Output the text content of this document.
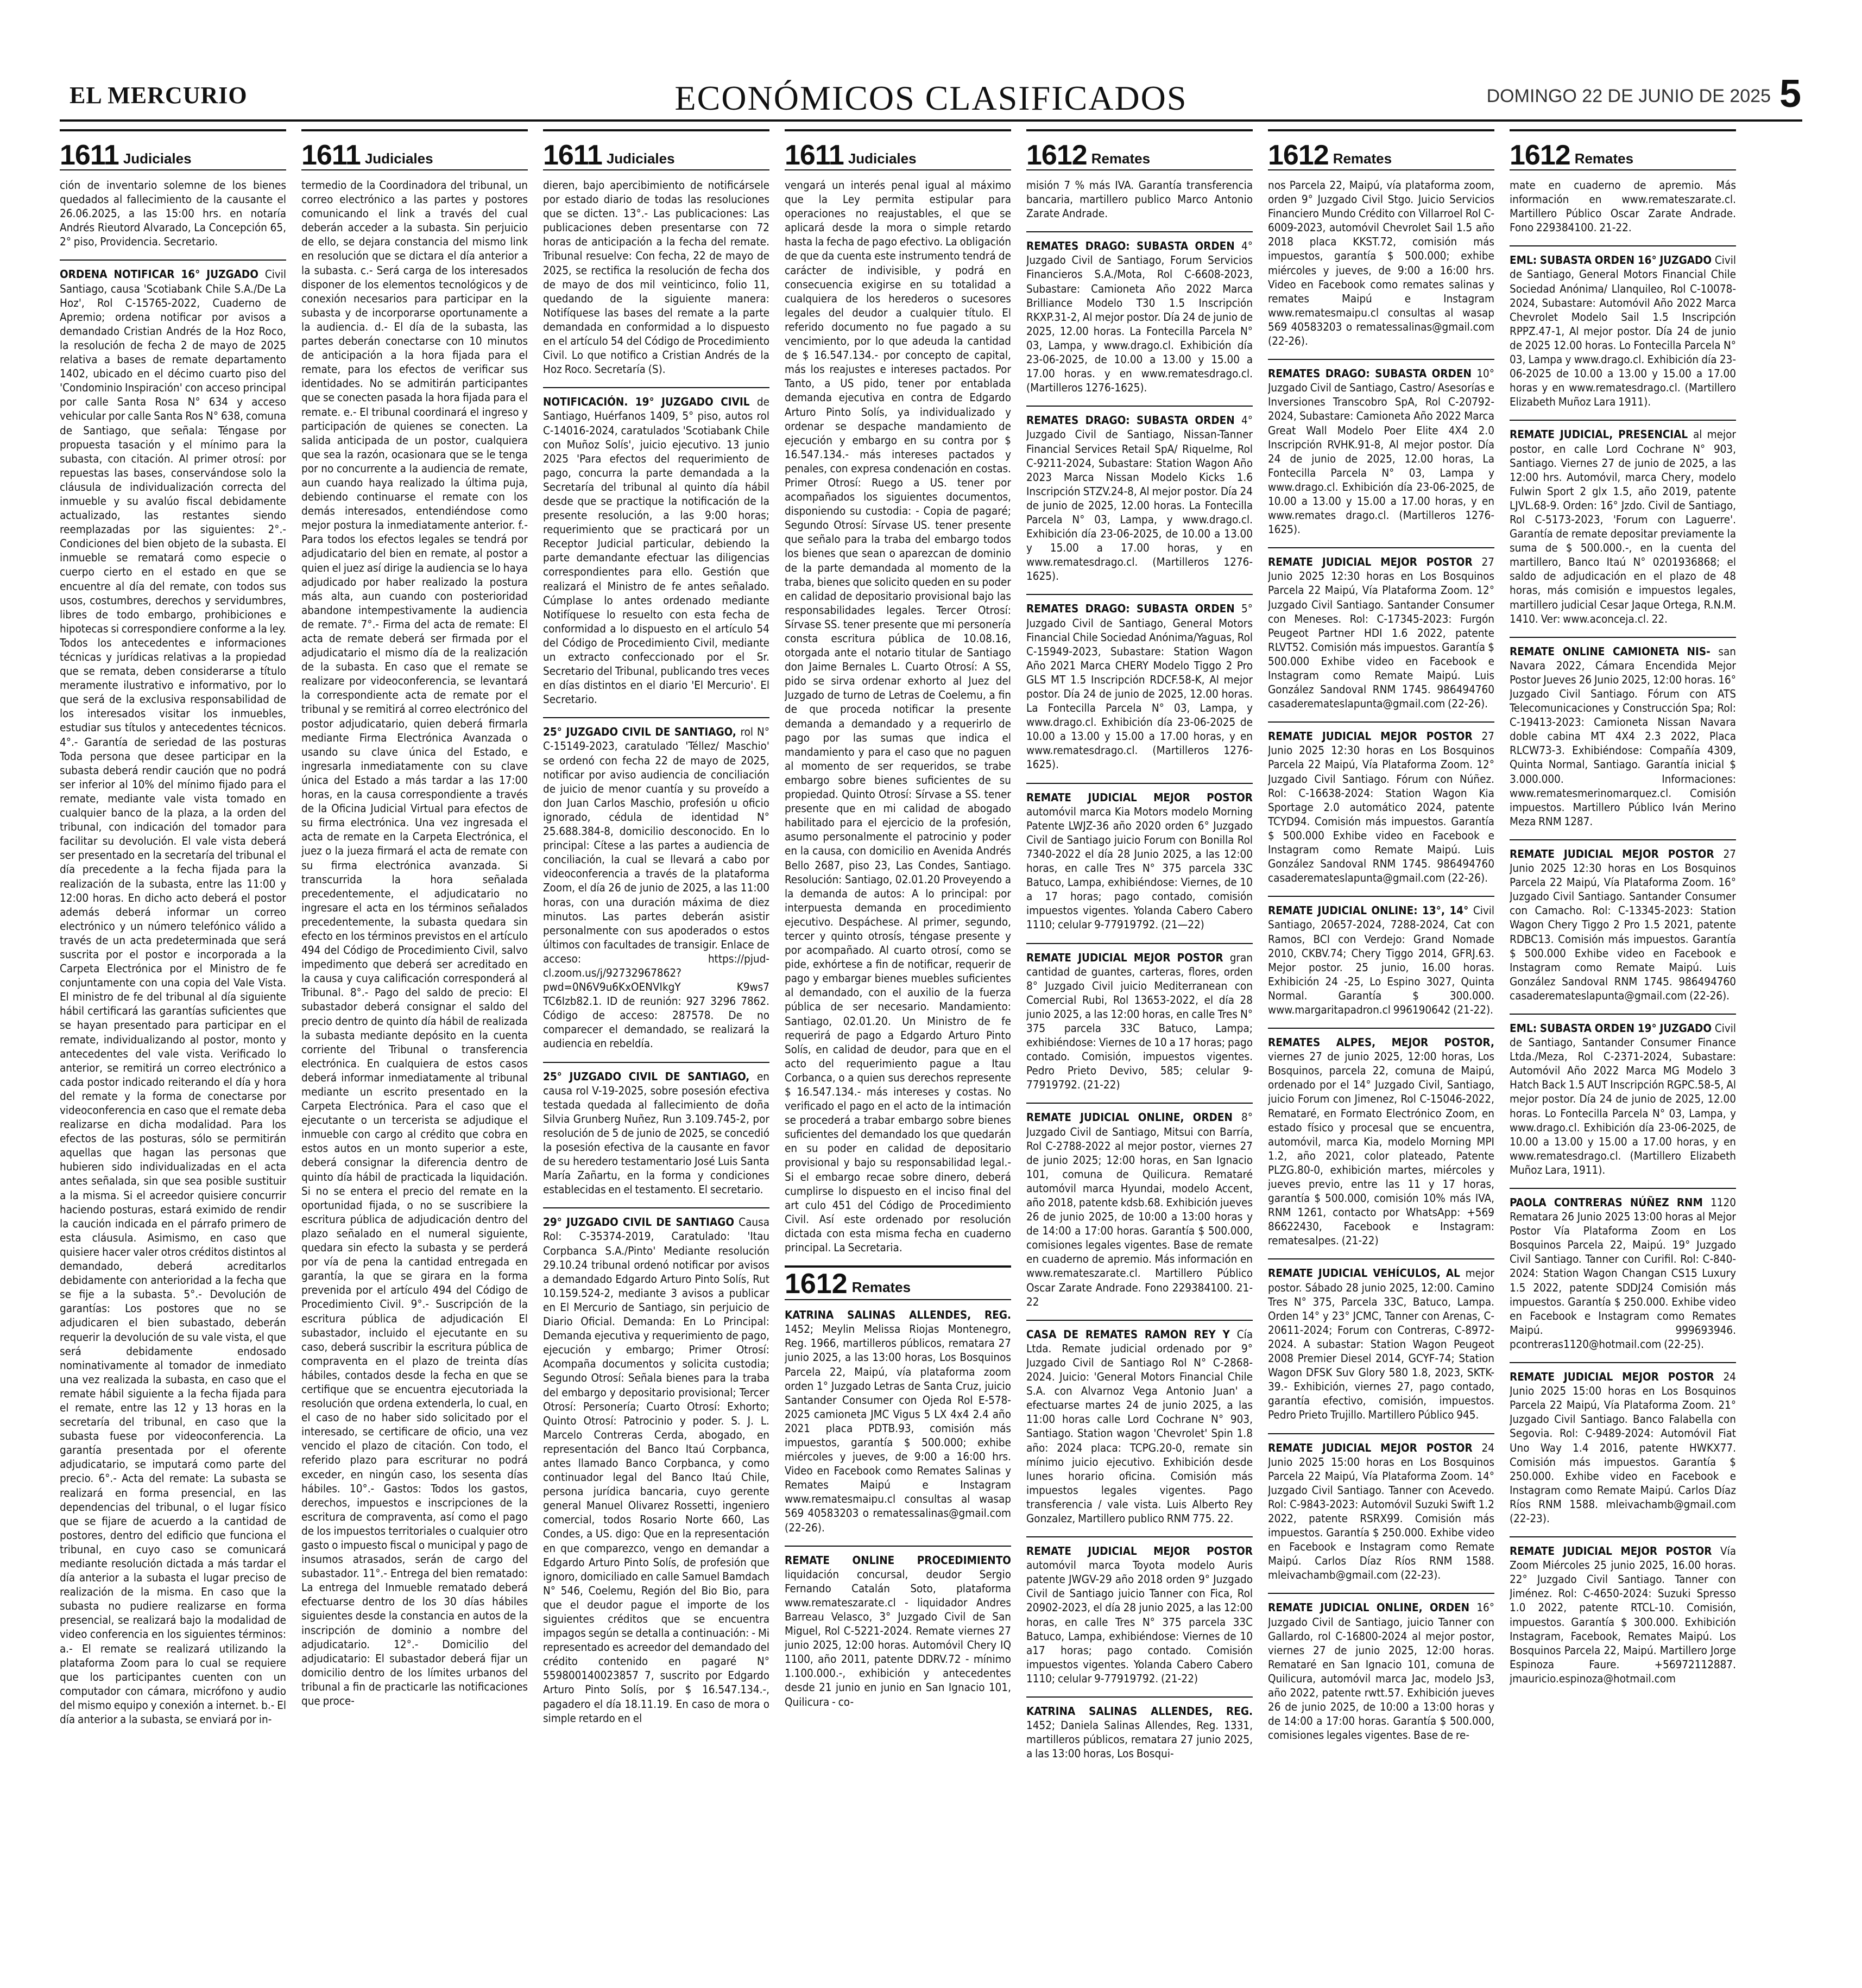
EL MERCURIO	ECONÓMICOS CLASIFICADOS	DOMINGO 22 DE JUNIO DE 2025 5
1611 Judiciales

ción de inventario solemne de los bienes quedados al fallecimiento de la causante el 26.06.2025, a las 15:00 hrs. en notaría Andrés Rieutord Alvarado, La Concepción 65, 2° piso, Providencia. Secretario.

ORDENA NOTIFICAR 16° JUZGADO Civil Santiago, causa 'Scotiabank Chile S.A./De La Hoz', Rol C-15765-2022, Cuaderno de Apremio; ordena notificar por avisos a demandado Cristian Andrés de la Hoz Roco, la resolución de fecha 2 de mayo de 2025 relativa a bases de remate departamento 1402, ubicado en el décimo cuarto piso del 'Condominio Inspiración' con acceso principal por calle Santa Rosa N° 634 y acceso vehicular por calle Santa Ros N° 638, comuna de Santiago, que señala: Téngase por propuesta tasación y el mínimo para la subasta, con citación. Al primer otrosí: por repuestas las bases, conservándose solo la cláusula de individualización correcta del inmueble y su avalúo fiscal debidamente actualizado, las restantes siendo reemplazadas por las siguientes: 2°.- Condiciones del bien objeto de la subasta. El inmueble se rematará como especie o cuerpo cierto en el estado en que se encuentre al día del remate, con todos sus usos, costumbres, derechos y servidumbres, libres de todo embargo, prohibiciones e hipotecas si correspondiere conforme a la ley. Todos los antecedentes e informaciones técnicas y jurídicas relativas a la propiedad que se remata, deben considerarse a título meramente ilustrativo e informativo, por lo que será de la exclusiva responsabilidad de los interesados visitar los inmuebles, estudiar sus títulos y antecedentes técnicos. 4°.- Garantía de seriedad de las posturas Toda persona que desee participar en la subasta deberá rendir caución que no podrá ser inferior al 10% del mínimo fijado para el remate, mediante vale vista tomado en cualquier banco de la plaza, a la orden del tribunal, con indicación del tomador para facilitar su devolución. El vale vista deberá ser presentado en la secretaría del tribunal el día precedente a la fecha fijada para la realización de la subasta, entre las 11:00 y 12:00 horas. En dicho acto deberá el postor además deberá informar un correo electrónico y un número telefónico válido a través de un acta predeterminada que será suscrita por el postor e incorporada a la Carpeta Electrónica por el Ministro de fe conjuntamente con una copia del Vale Vista. El ministro de fe del tribunal al día siguiente hábil certificará las garantías suficientes que se hayan presentado para participar en el remate, individualizando al postor, monto y antecedentes del vale vista. Verificado lo anterior, se remitirá un correo electrónico a cada postor indicado reiterando el día y hora del remate y la forma de conectarse por videoconferencia en caso que el remate deba realizarse en dicha modalidad. Para los efectos de las posturas, sólo se permitirán aquellas que hagan las personas que hubieren sido individualizadas en el acta antes señalada, sin que sea posible sustituir a la misma. Si el acreedor quisiere concurrir haciendo posturas, estará eximido de rendir la caución indicada en el párrafo primero de esta cláusula. Asimismo, en caso que quisiere hacer valer otros créditos distintos al demandado, deberá acreditarlos debidamente con anterioridad a la fecha que se fije a la subasta. 5°.- Devolución de garantías: Los postores que no se adjudicaren el bien subastado, deberán requerir la devolución de su vale vista, el que será debidamente endosado nominativamente al tomador de inmediato una vez realizada la subasta, en caso que el remate hábil siguiente a la fecha fijada para el remate, entre las 12 y 13 horas en la secretaría del tribunal, en caso que la subasta fuese por videoconferencia. La garantía presentada por el oferente adjudicatario, se imputará como parte del precio. 6°.- Acta del remate: La subasta se realizará en forma presencial, en las dependencias del tribunal, o el lugar físico que se fijare de acuerdo a la cantidad de postores, dentro del edificio que funciona el tribunal, en cuyo caso se comunicará mediante resolución dictada a más tardar el día anterior a la subasta el lugar preciso de realización de la misma. En caso que la subasta no pudiere realizarse en forma presencial, se realizará bajo la modalidad de video conferencia en los siguientes términos: a.- El remate se realizará utilizando la plataforma Zoom para lo cual se requiere que los participantes cuenten con un computador con cámara, micrófono y audio del mismo equipo y conexión a internet. b.- El día anterior a la subasta, se enviará por in-

1611 Judiciales

termedio de la Coordinadora del tribunal, un correo electrónico a las partes y postores comunicando el link a través del cual deberán acceder a la subasta. Sin perjuicio de ello, se dejara constancia del mismo link en resolución que se dictara el día anterior a la subasta. c.- Será carga de los interesados disponer de los elementos tecnológicos y de conexión necesarios para participar en la subasta y de incorporarse oportunamente a la audiencia. d.- El día de la subasta, las partes deberán conectarse con 10 minutos de anticipación a la hora fijada para el remate, para los efectos de verificar sus identidades. No se admitirán participantes que se conecten pasada la hora fijada para el remate. e.- El tribunal coordinará el ingreso y participación de quienes se conecten. La salida anticipada de un postor, cualquiera que sea la razón, ocasionara que se le tenga por no concurrente a la audiencia de remate, aun cuando haya realizado la última puja, debiendo continuarse el remate con los demás interesados, entendiéndose como mejor postura la inmediatamente anterior. f.- Para todos los efectos legales se tendrá por adjudicatario del bien en remate, al postor a quien el juez así dirige la audiencia se lo haya adjudicado por haber realizado la postura más alta, aun cuando con posterioridad abandone intempestivamente la audiencia de remate. 7°.- Firma del acta de remate: El acta de remate deberá ser firmada por el adjudicatario el mismo día de la realización de la subasta. En caso que el remate se realizare por videoconferencia, se levantará la correspondiente acta de remate por el tribunal y se remitirá al correo electrónico del postor adjudicatario, quien deberá firmarla mediante Firma Electrónica Avanzada o usando su clave única del Estado, e ingresarla inmediatamente con su clave única del Estado a más tardar a las 17:00 horas, en la causa correspondiente a través de la Oficina Judicial Virtual para efectos de su firma electrónica. Una vez ingresada el acta de remate en la Carpeta Electrónica, el juez o la jueza firmará el acta de remate con su firma electrónica avanzada. Si transcurrida la hora señalada precedentemente, el adjudicatario no ingresare el acta en los términos señalados precedentemente, la subasta quedara sin efecto en los términos previstos en el artículo 494 del Código de Procedimiento Civil, salvo impedimento que deberá ser acreditado en la causa y cuya calificación corresponderá al Tribunal. 8°.- Pago del saldo de precio: El subastador deberá consignar el saldo del precio dentro de quinto día hábil de realizada la subasta mediante depósito en la cuenta corriente del Tribunal o transferencia electrónica. En cualquiera de estos casos deberá informar inmediatamente al tribunal mediante un escrito presentado en la Carpeta Electrónica. Para el caso que el ejecutante o un tercerista se adjudique el inmueble con cargo al crédito que cobra en estos autos en un monto superior a este, deberá consignar la diferencia dentro de quinto día hábil de practicada la liquidación. Si no se entera el precio del remate en la oportunidad fijada, o no se suscribiere la escritura pública de adjudicación dentro del plazo señalado en el numeral siguiente, quedara sin efecto la subasta y se perderá por vía de pena la cantidad entregada en garantía, la que se girara en la forma prevenida por el artículo 494 del Código de Procedimiento Civil. 9°.- Suscripción de la escritura pública de adjudicación El subastador, incluido el ejecutante en su caso, deberá suscribir la escritura pública de compraventa en el plazo de treinta días hábiles, contados desde la fecha en que se certifique que se encuentra ejecutoriada la resolución que ordena extenderla, lo cual, en el caso de no haber sido solicitado por el interesado, se certificare de oficio, una vez vencido el plazo de citación. Con todo, el referido plazo para escriturar no podrá exceder, en ningún caso, los sesenta días hábiles. 10°.- Gastos: Todos los gastos, derechos, impuestos e inscripciones de la escritura de compraventa, así como el pago de los impuestos territoriales o cualquier otro gasto o impuesto fiscal o municipal y pago de insumos atrasados, serán de cargo del subastador. 11°.- Entrega del bien rematado: La entrega del Inmueble rematado deberá efectuarse dentro de los 30 días hábiles siguientes desde la constancia en autos de la inscripción de dominio a nombre del adjudicatario. 12°.- Domicilio del adjudicatario: El subastador deberá fijar un domicilio dentro de los límites urbanos del tribunal a fin de practicarle las notificaciones que proce-

1611 Judiciales

dieren, bajo apercibimiento de notificársele por estado diario de todas las resoluciones que se dicten. 13°.- Las publicaciones: Las publicaciones deben presentarse con 72 horas de anticipación a la fecha del remate. Tribunal resuelve: Con fecha, 22 de mayo de 2025, se rectifica la resolución de fecha dos de mayo de dos mil veinticinco, folio 11, quedando de la siguiente manera: Notifíquese las bases del remate a la parte demandada en conformidad a lo dispuesto en el artículo 54 del Código de Procedimiento Civil. Lo que notifico a Cristian Andrés de la Hoz Roco. Secretaría (S).

NOTIFICACIÓN. 19° JUZGADO CIVIL de Santiago, Huérfanos 1409, 5° piso, autos rol C-14016-2024, caratulados 'Scotiabank Chile con Muñoz Solís', juicio ejecutivo. 13 junio 2025 'Para efectos del requerimiento de pago, concurra la parte demandada a la Secretaría del tribunal al quinto día hábil desde que se practique la notificación de la presente resolución, a las 9:00 horas; requerimiento que se practicará por un Receptor Judicial particular, debiendo la parte demandante efectuar las diligencias correspondientes para ello. Gestión que realizará el Ministro de fe antes señalado. Cúmplase lo antes ordenado mediante Notifíquese lo resuelto con esta fecha de conformidad a lo dispuesto en el artículo 54 del Código de Procedimiento Civil, mediante un extracto confeccionado por el Sr. Secretario del Tribunal, publicando tres veces en días distintos en el diario 'El Mercurio'. El Secretario.

25° JUZGADO CIVIL DE SANTIAGO, rol N° C-15149-2023, caratulado 'Téllez/ Maschio' se ordenó con fecha 22 de mayo de 2025, notificar por aviso audiencia de conciliación de juicio de menor cuantía y su proveído a don Juan Carlos Maschio, profesión u oficio ignorado, cédula de identidad N° 25.688.384-8, domicilio desconocido. En lo principal: Cítese a las partes a audiencia de conciliación, la cual se llevará a cabo por videoconferencia a través de la plataforma Zoom, el día 26 de junio de 2025, a las 11:00 horas, con una duración máxima de diez minutos. Las partes deberán asistir personalmente con sus apoderados o estos últimos con facultades de transigir. Enlace de acceso: https://pjud-cl.zoom.us/j/92732967862?pwd=0N6V9u6KxOENVIkgY K9ws7 TC6Izb82.1. ID de reunión: 927 3296 7862. Código de acceso: 287578. De no comparecer el demandado, se realizará la audiencia en rebeldía.

25° JUZGADO CIVIL DE SANTIAGO, en causa rol V-19-2025, sobre posesión efectiva testada quedada al fallecimiento de doña Silvia Grunberg Nuñez, Run 3.109.745-2, por resolución de 5 de junio de 2025, se concedió la posesión efectiva de la causante en favor de su heredero testamentario José Luis Santa María Zañartu, en la forma y condiciones establecidas en el testamento. El secretario.

29° JUZGADO CIVIL DE SANTIAGO Causa Rol: C-35374-2019, Caratulado: 'Itau Corpbanca S.A./Pinto' Mediante resolución 29.10.24 tribunal ordenó notificar por avisos a demandado Edgardo Arturo Pinto Solís, Rut 10.159.524-2, mediante 3 avisos a publicar en El Mercurio de Santiago, sin perjuicio de Diario Oficial. Demanda: En Lo Principal: Demanda ejecutiva y requerimiento de pago, ejecución y embargo; Primer Otrosí: Acompaña documentos y solicita custodia; Segundo Otrosí: Señala bienes para la traba del embargo y depositario provisional; Tercer Otrosí: Personería; Cuarto Otrosí: Exhorto; Quinto Otrosí: Patrocinio y poder. S. J. L. Marcelo Contreras Cerda, abogado, en representación del Banco Itaú Corpbanca, antes llamado Banco Corpbanca, y como continuador legal del Banco Itaú Chile, persona jurídica bancaria, cuyo gerente general Manuel Olivarez Rossetti, ingeniero comercial, todos Rosario Norte 660, Las Condes, a US. digo: Que en la representación en que comparezco, vengo en demandar a Edgardo Arturo Pinto Solís, de profesión que ignoro, domiciliado en calle Samuel Bamdach N° 546, Coelemu, Región del Bio Bio, para que el deudor pague el importe de los siguientes créditos que se encuentra impagos según se detalla a continuación: - Mi representado es acreedor del demandado del crédito contenido en pagaré N° 559800140023857 7, suscrito por Edgardo Arturo Pinto Solís, por $ 16.547.134.-, pagadero el día 18.11.19. En caso de mora o simple retardo en el

1611 Judiciales

vengará un interés penal igual al máximo que la Ley permita estipular para operaciones no reajustables, el que se aplicará desde la mora o simple retardo hasta la fecha de pago efectivo. La obligación de que da cuenta este instrumento tendrá de carácter de indivisible, y podrá en consecuencia exigirse en su totalidad a cualquiera de los herederos o sucesores legales del deudor a cualquier título. El referido documento no fue pagado a su vencimiento, por lo que adeuda la cantidad de $ 16.547.134.- por concepto de capital, más los reajustes e intereses pactados. Por Tanto, a US pido, tener por entablada demanda ejecutiva en contra de Edgardo Arturo Pinto Solís, ya individualizado y ordenar se despache mandamiento de ejecución y embargo en su contra por $ 16.547.134.- más intereses pactados y penales, con expresa condenación en costas. Primer Otrosí: Ruego a US. tener por acompañados los siguientes documentos, disponiendo su custodia: - Copia de pagaré; Segundo Otrosí: Sírvase US. tener presente que señalo para la traba del embargo todos los bienes que sean o aparezcan de dominio de la parte demandada al momento de la traba, bienes que solicito queden en su poder en calidad de depositario provisional bajo las responsabilidades legales. Tercer Otrosí: Sírvase SS. tener presente que mi personería consta escritura pública de 10.08.16, otorgada ante el notario titular de Santiago don Jaime Bernales L. Cuarto Otrosí: A SS, pido se sirva ordenar exhorto al Juez del Juzgado de turno de Letras de Coelemu, a fin de que proceda notificar la presente demanda a demandado y a requerirlo de pago por las sumas que indica el mandamiento y para el caso que no paguen al momento de ser requeridos, se trabe embargo sobre bienes suficientes de su propiedad. Quinto Otrosí: Sírvase a SS. tener presente que en mi calidad de abogado habilitado para el ejercicio de la profesión, asumo personalmente el patrocinio y poder en la causa, con domicilio en Avenida Andrés Bello 2687, piso 23, Las Condes, Santiago. Resolución: Santiago, 02.01.20 Proveyendo a la demanda de autos: A lo principal: por interpuesta demanda en procedimiento ejecutivo. Despáchese. Al primer, segundo, tercer y quinto otrosís, téngase presente y por acompañado. Al cuarto otrosí, como se pide, exhórtese a fin de notificar, requerir de pago y embargar bienes muebles suficientes al demandado, con el auxilio de la fuerza pública de ser necesario. Mandamiento: Santiago, 02.01.20. Un Ministro de fe requerirá de pago a Edgardo Arturo Pinto Solís, en calidad de deudor, para que en el acto del requerimiento pague a Itau Corbanca, o a quien sus derechos represente $ 16.547.134.- más intereses y costas. No verificado el pago en el acto de la intimación se procederá a trabar embargo sobre bienes suficientes del demandado los que quedarán en su poder en calidad de depositario provisional y bajo su responsabilidad legal.- Si el embargo recae sobre dinero, deberá cumplirse lo dispuesto en el inciso final del art culo 451 del Código de Procedimiento Civil. Así este ordenado por resolución dictada con esta misma fecha en cuaderno principal. La Secretaria.

1612 Remates

KATRINA SALINAS ALLENDES, REG. 1452; Meylin Melissa Riojas Montenegro, Reg. 1966, martilleros públicos, rematara 27 junio 2025, a las 13:00 horas, Los Bosquinos Parcela 22, Maipú, vía plataforma zoom orden 1° Juzgado Letras de Santa Cruz, juicio Santander Consumer con Ojeda Rol E-578-2025 camioneta JMC Vigus 5 LX 4x4 2.4 año 2021 placa PDTB.93, comisión más impuestos, garantía $ 500.000; exhibe miércoles y jueves, de 9:00 a 16:00 hrs. Video en Facebook como Remates Salinas y Remates Maipú e Instagram www.rematesmaipu.cl consultas al wasap 569 40583203 o rematessalinas@gmail.com (22-26).

REMATE ONLINE PROCEDIMIENTO liquidación concursal, deudor Sergio Fernando Catalán Soto, plataforma www.remateszarate.cl - liquidador Andres Barreau Velasco, 3° Juzgado Civil de San Miguel, Rol C-5221-2024. Remate viernes 27 junio 2025, 12:00 horas. Automóvil Chery IQ 1100, año 2011, patente DDRV.72 - mínimo 1.100.000.-, exhibición y antecedentes desde 21 junio en junio en San Ignacio 101, Quilicura - co-

1612 Remates

misión 7 % más IVA. Garantía transferencia bancaria, martillero publico Marco Antonio Zarate Andrade.

REMATES DRAGO: SUBASTA ORDEN 4° Juzgado Civil de Santiago, Forum Servicios Financieros S.A./Mota, Rol C-6608-2023, Subastare: Camioneta Año 2022 Marca Brilliance Modelo T30 1.5 Inscripción RKXP.31-2, Al mejor postor. Día 24 de junio de 2025, 12.00 horas. La Fontecilla Parcela N° 03, Lampa, y www.drago.cl. Exhibición día 23-06-2025, de 10.00 a 13.00 y 15.00 a 17.00 horas. y en www.rematesdrago.cl. (Martilleros 1276-1625).

REMATES DRAGO: SUBASTA ORDEN 4° Juzgado Civil de Santiago, Nissan-Tanner Financial Services Retail SpA/ Riquelme, Rol C-9211-2024, Subastare: Station Wagon Año 2023 Marca Nissan Modelo Kicks 1.6 Inscripción STZV.24-8, Al mejor postor. Día 24 de junio de 2025, 12.00 horas. La Fontecilla Parcela N° 03, Lampa, y www.drago.cl. Exhibición día 23-06-2025, de 10.00 a 13.00 y 15.00 a 17.00 horas, y en www.rematesdrago.cl. (Martilleros 1276-1625).

REMATES DRAGO: SUBASTA ORDEN 5° Juzgado Civil de Santiago, General Motors Financial Chile Sociedad Anónima/Yaguas, Rol C-15949-2023, Subastare: Station Wagon Año 2021 Marca CHERY Modelo Tiggo 2 Pro GLS MT 1.5 Inscripción RDCF.58-K, Al mejor postor. Día 24 de junio de 2025, 12.00 horas. La Fontecilla Parcela N° 03, Lampa, y www.drago.cl. Exhibición día 23-06-2025 de 10.00 a 13.00 y 15.00 a 17.00 horas, y en www.rematesdrago.cl. (Martilleros 1276-1625).

REMATE JUDICIAL MEJOR POSTOR automóvil marca Kia Motors modelo Morning Patente LWJZ-36 año 2020 orden 6° Juzgado Civil de Santiago juicio Forum con Bonilla Rol 7340-2022 el día 28 Junio 2025, a las 12:00 horas, en calle Tres N° 375 parcela 33C Batuco, Lampa, exhibiéndose: Viernes, de 10 a 17 horas; pago contado, comisión impuestos vigentes. Yolanda Cabero Cabero 1110; celular 9-77919792. (21—22)

REMATE JUDICIAL MEJOR POSTOR gran cantidad de guantes, carteras, flores, orden 8° Juzgado Civil juicio Mediterranean con Comercial Rubi, Rol 13653-2022, el día 28 junio 2025, a las 12:00 horas, en calle Tres N° 375 parcela 33C Batuco, Lampa; exhibiéndose: Viernes de 10 a 17 horas; pago contado. Comisión, impuestos vigentes. Pedro Prieto Devivo, 585; celular 9-77919792. (21-22)

REMATE JUDICIAL ONLINE, ORDEN 8° Juzgado Civil de Santiago, Mitsui con Barría, Rol C-2788-2022 al mejor postor, viernes 27 de junio 2025; 12:00 horas, en San Ignacio 101, comuna de Quilicura. Remataré automóvil marca Hyundai, modelo Accent, año 2018, patente kdsb.68. Exhibición jueves 26 de junio 2025, de 10:00 a 13:00 horas y de 14:00 a 17:00 horas. Garantía $ 500.000, comisiones legales vigentes. Base de remate en cuaderno de apremio. Más información en www.remateszarate.cl. Martillero Público Oscar Zarate Andrade. Fono 229384100. 21-22

CASA DE REMATES RAMON REY Y Cía Ltda. Remate judicial ordenado por 9° Juzgado Civil de Santiago Rol N° C-2868-2024. Juicio: 'General Motors Financial Chile S.A. con Alvarnoz Vega Antonio Juan' a efectuarse martes 24 de junio 2025, a las 11:00 horas calle Lord Cochrane N° 903, Santiago. Station wagon 'Chevrolet' Spin 1.8 año: 2024 placa: TCPG.20-0, remate sin mínimo juicio ejecutivo. Exhibición desde lunes horario oficina. Comisión más impuestos legales vigentes. Pago transferencia / vale vista. Luis Alberto Rey Gonzalez, Martillero publico RNM 775. 22.

REMATE JUDICIAL MEJOR POSTOR automóvil marca Toyota modelo Auris patente JWGV-29 año 2018 orden 9° Juzgado Civil de Santiago juicio Tanner con Fica, Rol 20902-2023, el día 28 junio 2025, a las 12:00 horas, en calle Tres N° 375 parcela 33C Batuco, Lampa, exhibiéndose: Viernes de 10 a17 horas; pago contado. Comisión impuestos vigentes. Yolanda Cabero Cabero 1110; celular 9-77919792. (21-22)

KATRINA SALINAS ALLENDES, REG. 1452; Daniela Salinas Allendes, Reg. 1331, martilleros públicos, rematara 27 junio 2025, a las 13:00 horas, Los Bosqui-

1612 Remates

nos Parcela 22, Maipú, vía plataforma zoom, orden 9° Juzgado Civil Stgo. Juicio Servicios Financiero Mundo Crédito con Villarroel Rol C-6009-2023, automóvil Chevrolet Sail 1.5 año 2018 placa KKST.72, comisión más impuestos, garantía $ 500.000; exhibe miércoles y jueves, de 9:00 a 16:00 hrs. Video en Facebook como remates salinas y remates Maipú e Instagram www.rematesmaipu.cl consultas al wasap 569 40583203 o rematessalinas@gmail.com (22-26).

REMATES DRAGO: SUBASTA ORDEN 10° Juzgado Civil de Santiago, Castro/ Asesorías e Inversiones Transcobro SpA, Rol C-20792-2024, Subastare: Camioneta Año 2022 Marca Great Wall Modelo Poer Elite 4X4 2.0 Inscripción RVHK.91-8, Al mejor postor. Día 24 de junio de 2025, 12.00 horas, La Fontecilla Parcela N° 03, Lampa y www.drago.cl. Exhibición día 23-06-2025, de 10.00 a 13.00 y 15.00 a 17.00 horas, y en www.remates drago.cl. (Martilleros 1276-1625).

REMATE JUDICIAL MEJOR POSTOR 27 Junio 2025 12:30 horas en Los Bosquinos Parcela 22 Maipú, Vía Plataforma Zoom. 12° Juzgado Civil Santiago. Santander Consumer con Meneses. Rol: C-17345-2023: Furgón Peugeot Partner HDI 1.6 2022, patente RLVT52. Comisión más impuestos. Garantía $ 500.000 Exhibe video en Facebook e Instagram como Remate Maipú. Luis González Sandoval RNM 1745. 986494760 casaderemateslapunta@gmail.com (22-26).

REMATE JUDICIAL MEJOR POSTOR 27 Junio 2025 12:30 horas en Los Bosquinos Parcela 22 Maipú, Vía Plataforma Zoom. 12° Juzgado Civil Santiago. Fórum con Núñez. Rol: C-16638-2024: Station Wagon Kia Sportage 2.0 automático 2024, patente TCYD94. Comisión más impuestos. Garantía $ 500.000 Exhibe video en Facebook e Instagram como Remate Maipú. Luis González Sandoval RNM 1745. 986494760 casaderemateslapunta@gmail.com (22-26).

REMATE JUDICIAL ONLINE: 13°, 14° Civil Santiago, 20657-2024, 7288-2024, Cat con Ramos, BCI con Verdejo: Grand Nomade 2010, CKBV.74; Chery Tiggo 2014, GFRJ.63. Mejor postor. 25 junio, 16.00 horas. Exhibición 24 -25, Lo Espino 3027, Quinta Normal. Garantía $ 300.000. www.margaritapadron.cl 996190642 (21-22).

REMATES ALPES, MEJOR POSTOR, viernes 27 de junio 2025, 12:00 horas, Los Bosquinos, parcela 22, comuna de Maipú, ordenado por el 14° Juzgado Civil, Santiago, juicio Forum con Jimenez, Rol C-15046-2022, Remataré, en Formato Electrónico Zoom, en estado físico y procesal que se encuentra, automóvil, marca Kia, modelo Morning MPI 1.2, año 2021, color plateado, Patente PLZG.80-0, exhibición martes, miércoles y jueves previo, entre las 11 y 17 horas, garantía $ 500.000, comisión 10% más IVA, RNM 1261, contacto por WhatsApp: +569 86622430, Facebook e Instagram: rematesalpes. (21-22)

REMATE JUDICIAL VEHÍCULOS, AL mejor postor. Sábado 28 junio 2025, 12:00. Camino Tres N° 375, Parcela 33C, Batuco, Lampa. Orden 14° y 23° JCMC, Tanner con Arenas, C-20611-2024; Forum con Contreras, C-8972-2024. A subastar: Station Wagon Peugeot 2008 Premier Diesel 2014, GCYF-74; Station Wagon DFSK Suv Glory 580 1.8, 2023, SKTK-39.- Exhibición, viernes 27, pago contado, garantía efectivo, comisión, impuestos. Pedro Prieto Trujillo. Martillero Público 945.

REMATE JUDICIAL MEJOR POSTOR 24 Junio 2025 15:00 horas en Los Bosquinos Parcela 22 Maipú, Vía Plataforma Zoom. 14° Juzgado Civil Santiago. Tanner con Acevedo. Rol: C-9843-2023: Automóvil Suzuki Swift 1.2 2022, patente RSRX99. Comisión más impuestos. Garantía $ 250.000. Exhibe video en Facebook e Instagram como Remate Maipú. Carlos Díaz Ríos RNM 1588. mleivachamb@gmail.com (22-23).

REMATE JUDICIAL ONLINE, ORDEN 16° Juzgado Civil de Santiago, juicio Tanner con Gallardo, rol C-16800-2024 al mejor postor, viernes 27 de junio 2025, 12:00 horas. Remataré en San Ignacio 101, comuna de Quilicura, automóvil marca Jac, modelo Js3, año 2022, patente rwtt.57. Exhibición jueves 26 de junio 2025, de 10:00 a 13:00 horas y de 14:00 a 17:00 horas. Garantía $ 500.000, comisiones legales vigentes. Base de re-

1612 Remates

mate en cuaderno de apremio. Más información en www.remateszarate.cl. Martillero Público Oscar Zarate Andrade. Fono 229384100. 21-22.

EML: SUBASTA ORDEN 16° JUZGADO Civil de Santiago, General Motors Financial Chile Sociedad Anónima/ Llanquileo, Rol C-10078-2024, Subastare: Automóvil Año 2022 Marca Chevrolet Modelo Sail 1.5 Inscripción RPPZ.47-1, Al mejor postor. Día 24 de junio de 2025 12.00 horas. Lo Fontecilla Parcela N° 03, Lampa y www.drago.cl. Exhibición día 23-06-2025 de 10.00 a 13.00 y 15.00 a 17.00 horas y en www.rematesdrago.cl. (Martillero Elizabeth Muñoz Lara 1911).

REMATE JUDICIAL, PRESENCIAL al mejor postor, en calle Lord Cochrane N° 903, Santiago. Viernes 27 de junio de 2025, a las 12:00 hrs. Automóvil, marca Chery, modelo Fulwin Sport 2 glx 1.5, año 2019, patente LJVL.68-9. Orden: 16° Jzdo. Civil de Santiago, Rol C-5173-2023, 'Forum con Laguerre'. Garantía de remate depositar previamente la suma de $ 500.000.-, en la cuenta del martillero, Banco Itaú N° 0201936868; el saldo de adjudicación en el plazo de 48 horas, más comisión e impuestos legales, martillero judicial Cesar Jaque Ortega, R.N.M. 1410. Ver: www.aconceja.cl. 22.

REMATE ONLINE CAMIONETA NIS- san Navara 2022, Cámara Encendida Mejor Postor Jueves 26 Junio 2025, 12:00 horas. 16° Juzgado Civil Santiago. Fórum con ATS Telecomunicaciones y Construcción Spa; Rol: C-19413-2023: Camioneta Nissan Navara doble cabina MT 4X4 2.3 2022, Placa RLCW73-3. Exhibiéndose: Compañía 4309, Quinta Normal, Santiago. Garantía inicial $ 3.000.000. Informaciones: www.rematesmerinomarquez.cl. Comisión impuestos. Martillero Público Iván Merino Meza RNM 1287.

REMATE JUDICIAL MEJOR POSTOR 27 Junio 2025 12:30 horas en Los Bosquinos Parcela 22 Maipú, Vía Plataforma Zoom. 16° Juzgado Civil Santiago. Santander Consumer con Camacho. Rol: C-13345-2023: Station Wagon Chery Tiggo 2 Pro 1.5 2021, patente RDBC13. Comisión más impuestos. Garantía $ 500.000 Exhibe video en Facebook e Instagram como Remate Maipú. Luis González Sandoval RNM 1745. 986494760 casaderemateslapunta@gmail.com (22-26).

EML: SUBASTA ORDEN 19° JUZGADO Civil de Santiago, Santander Consumer Finance Ltda./Meza, Rol C-2371-2024, Subastare: Automóvil Año 2022 Marca MG Modelo 3 Hatch Back 1.5 AUT Inscripción RGPC.58-5, Al mejor postor. Día 24 de junio de 2025, 12.00 horas. Lo Fontecilla Parcela N° 03, Lampa, y www.drago.cl. Exhibición día 23-06-2025, de 10.00 a 13.00 y 15.00 a 17.00 horas, y en www.rematesdrago.cl. (Martillero Elizabeth Muñoz Lara, 1911).

PAOLA CONTRERAS NÚÑEZ RNM 1120 Rematara 26 Junio 2025 13:00 horas al Mejor Postor Vía Plataforma Zoom en Los Bosquinos Parcela 22, Maipú. 19° Juzgado Civil Santiago. Tanner con Curifil. Rol: C-840-2024: Station Wagon Changan CS15 Luxury 1.5 2022, patente SDDJ24 Comisión más impuestos. Garantía $ 250.000. Exhibe video en Facebook e Instagram como Remates Maipú. 999693946. pcontreras1120@hotmail.com (22-25).

REMATE JUDICIAL MEJOR POSTOR 24 Junio 2025 15:00 horas en Los Bosquinos Parcela 22 Maipú, Vía Plataforma Zoom. 21° Juzgado Civil Santiago. Banco Falabella con Segovia. Rol: C-9489-2024: Automóvil Fiat Uno Way 1.4 2016, patente HWKX77. Comisión más impuestos. Garantía $ 250.000. Exhibe video en Facebook e Instagram como Remate Maipú. Carlos Díaz Ríos RNM 1588. mleivachamb@gmail.com (22-23).

REMATE JUDICIAL MEJOR POSTOR Vía Zoom Miércoles 25 junio 2025, 16.00 horas. 22° Juzgado Civil Santiago. Tanner con Jiménez. Rol: C-4650-2024: Suzuki Spresso 1.0 2022, patente RTCL-10. Comisión, impuestos. Garantía $ 300.000. Exhibición Instagram, Facebook, Remates Maipú. Los Bosquinos Parcela 22, Maipú. Martillero Jorge Espinoza Faure. +56972112887. jmauricio.espinoza@hotmail.com
